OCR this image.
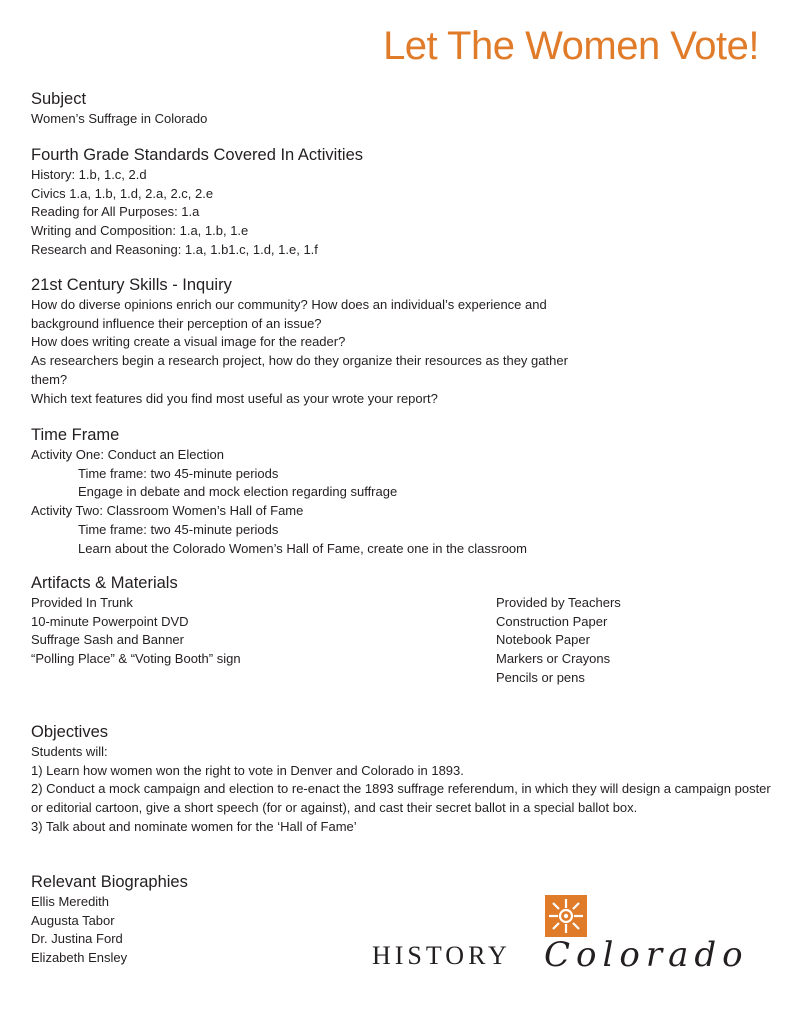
Let The Women Vote!
Subject
Women’s Suffrage in Colorado
Fourth Grade Standards Covered In Activities
History: 1.b, 1.c, 2.d
Civics 1.a, 1.b, 1.d, 2.a, 2.c, 2.e
Reading for All Purposes: 1.a
Writing and Composition: 1.a, 1.b, 1.e
Research and Reasoning: 1.a, 1.b1.c, 1.d, 1.e, 1.f
21st Century Skills - Inquiry
How do diverse opinions enrich our community? How does an individual’s experience and
background influence their perception of an issue?
How does writing create a visual image for the reader?
As researchers begin a research project, how do they organize their resources as they gather
them?
Which text features did you find most useful as your wrote your report?
Time Frame
Activity One: Conduct an Election
Time frame: two 45-minute periods
Engage in debate and mock election regarding suffrage
Activity Two: Classroom Women’s Hall of Fame
Time frame: two 45-minute periods
Learn about the Colorado Women’s Hall of Fame, create one in the classroom
Artifacts & Materials
Provided In Trunk
10-minute Powerpoint DVD
Suffrage Sash and Banner
“Polling Place” & “Voting Booth” sign
Provided by Teachers
Construction Paper
Notebook Paper
Markers or Crayons
Pencils or pens
Objectives
Students will:
1) Learn how women won the right to vote in Denver and Colorado in 1893.
2) Conduct a mock campaign and election to re-enact the 1893 suffrage referendum, in which they will design a campaign poster or editorial cartoon, give a short speech (for or against), and cast their secret ballot in a special ballot box.
3) Talk about and nominate women for the ‘Hall of Fame’
Relevant Biographies
Ellis Meredith
Augusta Tabor
Dr. Justina Ford
Elizabeth Ensley	HISTORY Colorado
